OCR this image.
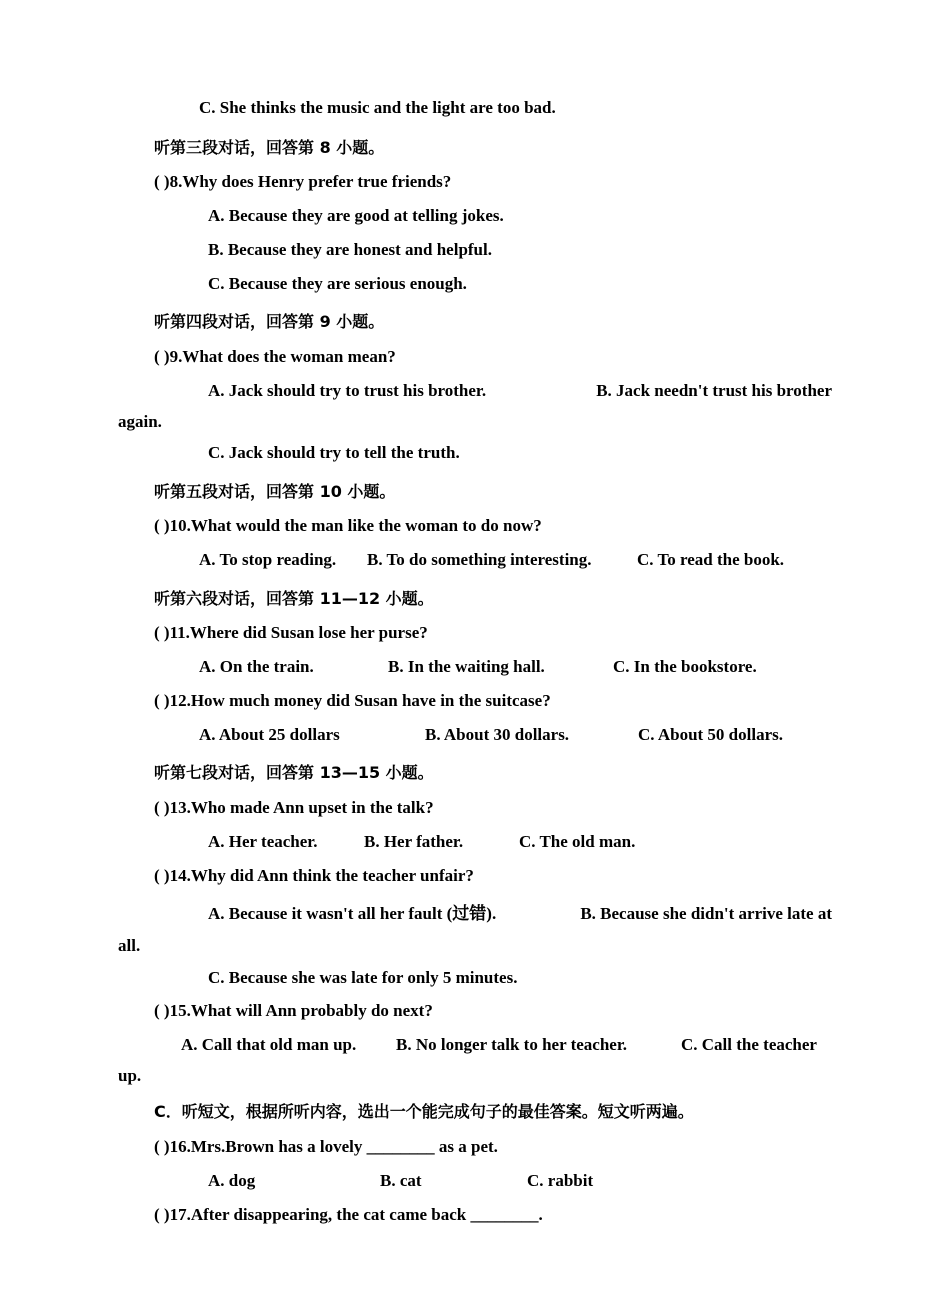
C. She thinks the music and the light are too bad.
听第三段对话，回答第 8 小题。
( )8.Why does Henry prefer true friends?
A. Because they are good at telling jokes.
B. Because they are honest and helpful.
C. Because they are serious enough.
听第四段对话，回答第 9 小题。
( )9.What does the woman mean?
A. Jack should try to trust his brother.	B. Jack needn't trust his brother
again.
C. Jack should try to tell the truth.
听第五段对话，回答第 10 小题。
( )10.What would the man like the woman to do now?
A. To stop reading. B. To do something interesting.	C. To read the book.
听第六段对话，回答第 11—12 小题。
( )11.Where did Susan lose her purse?
A. On the train.	B. In the waiting hall.	C. In the bookstore.
( )12.How much money did Susan have in the suitcase?
A. About 25 dollars	B. About 30 dollars.	C. About 50 dollars.
听第七段对话，回答第 13—15 小题。
( )13.Who made Ann upset in the talk?
A. Her teacher.	B. Her father.	C. The old man.
( )14.Why did Ann think the teacher unfair?
A. Because it wasn't all her fault (过错).	B. Because she didn't arrive late at
all.
C. Because she was late for only 5 minutes.
( )15.What will Ann probably do next?
A. Call that old man up. B. No longer talk to her teacher.	C. Call the teacher
up.
C．听短文，根据所听内容，选出一个能完成句子的最佳答案。短文听两遍。
( )16.Mrs.Brown has a lovely ________ as a pet.
A. dog	B. cat	C. rabbit
( )17.After disappearing, the cat came back ________.
